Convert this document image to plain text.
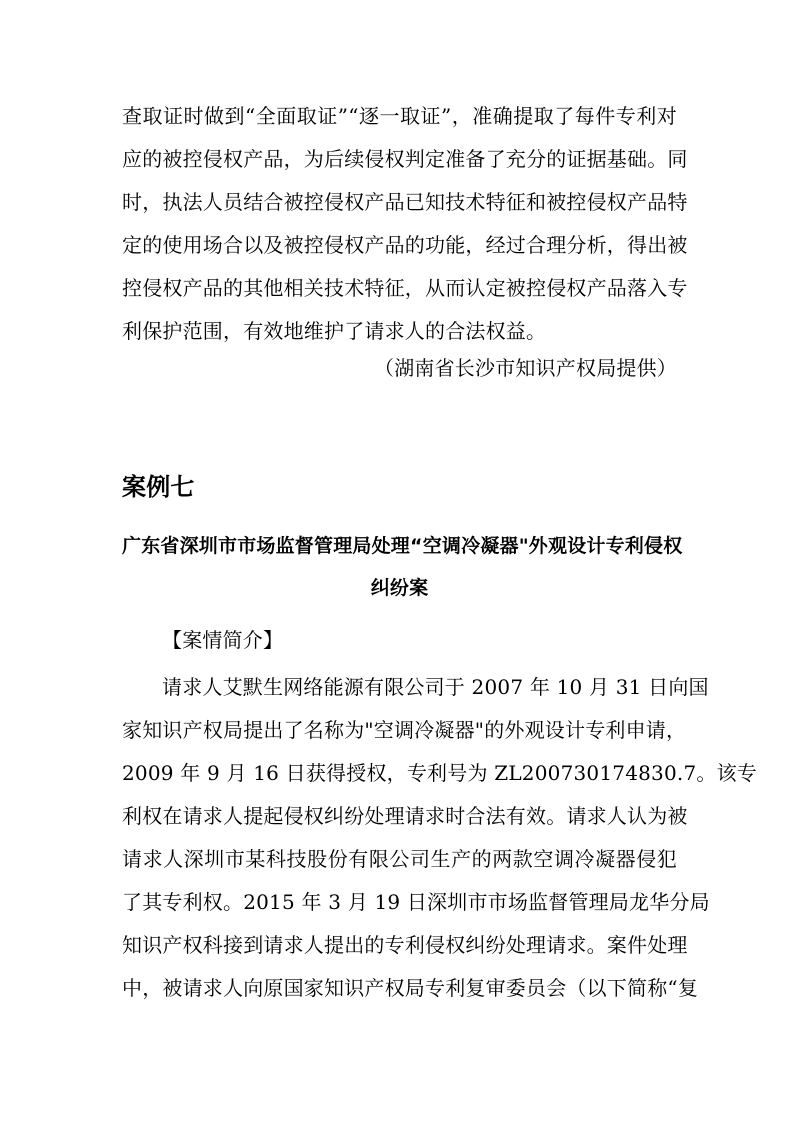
查取证时做到“全面取证”“逐一取证”，准确提取了每件专利对
应的被控侵权产品，为后续侵权判定准备了充分的证据基础。同
时，执法人员结合被控侵权产品已知技术特征和被控侵权产品特
定的使用场合以及被控侵权产品的功能，经过合理分析，得出被
控侵权产品的其他相关技术特征，从而认定被控侵权产品落入专
利保护范围，有效地维护了请求人的合法权益。
（湖南省长沙市知识产权局提供）
案例七
广东省深圳市市场监督管理局处理“空调冷凝器"外观设计专利侵权
纠纷案
【案情简介】
请求人艾默生网络能源有限公司于 2007 年 10 月 31 日向国
家知识产权局提出了名称为"空调冷凝器"的外观设计专利申请，
2009 年 9 月 16 日获得授权，专利号为 ZL200730174830.7。该专
利权在请求人提起侵权纠纷处理请求时合法有效。请求人认为被
请求人深圳市某科技股份有限公司生产的两款空调冷凝器侵犯
了其专利权。2015 年 3 月 19 日深圳市市场监督管理局龙华分局
知识产权科接到请求人提出的专利侵权纠纷处理请求。案件处理
中，被请求人向原国家知识产权局专利复审委员会（以下简称“复
